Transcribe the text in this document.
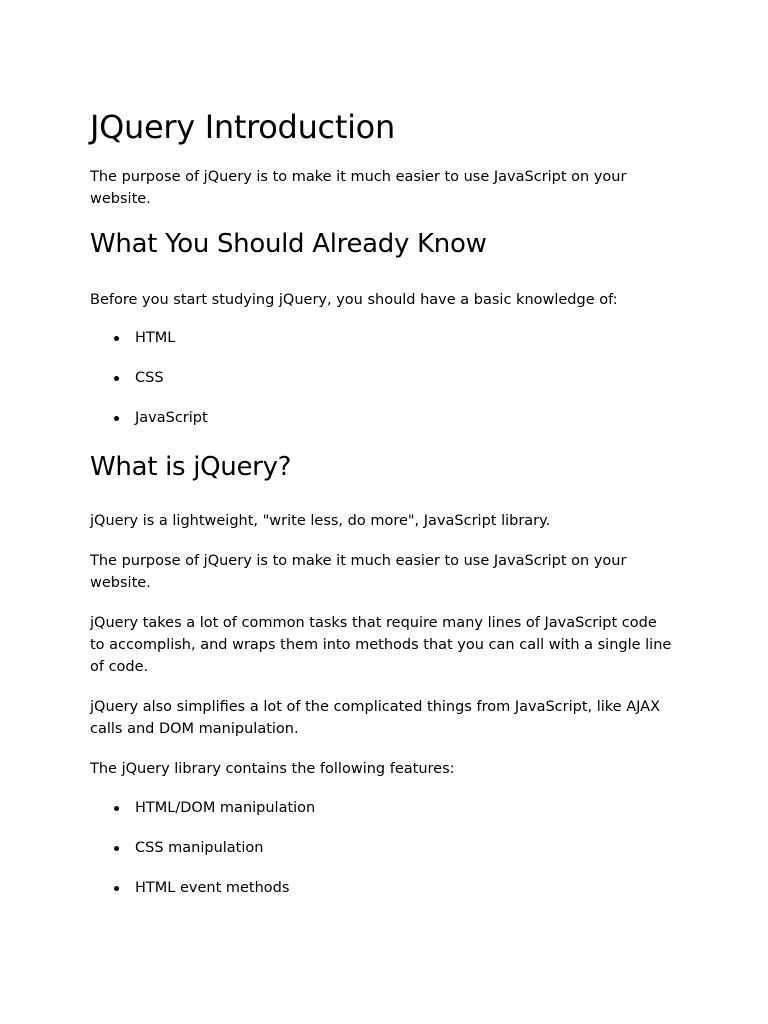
JQuery Introduction

The purpose of jQuery is to make it much easier to use JavaScript on your website.

What You Should Already Know

Before you start studying jQuery, you should have a basic knowledge of:

HTML
CSS
JavaScript
What is jQuery?

jQuery is a lightweight, "write less, do more", JavaScript library.

The purpose of jQuery is to make it much easier to use JavaScript on your website.

jQuery takes a lot of common tasks that require many lines of JavaScript code to accomplish, and wraps them into methods that you can call with a single line of code.

jQuery also simplifies a lot of the complicated things from JavaScript, like AJAX calls and DOM manipulation.

The jQuery library contains the following features:

HTML/DOM manipulation
CSS manipulation
HTML event methods
